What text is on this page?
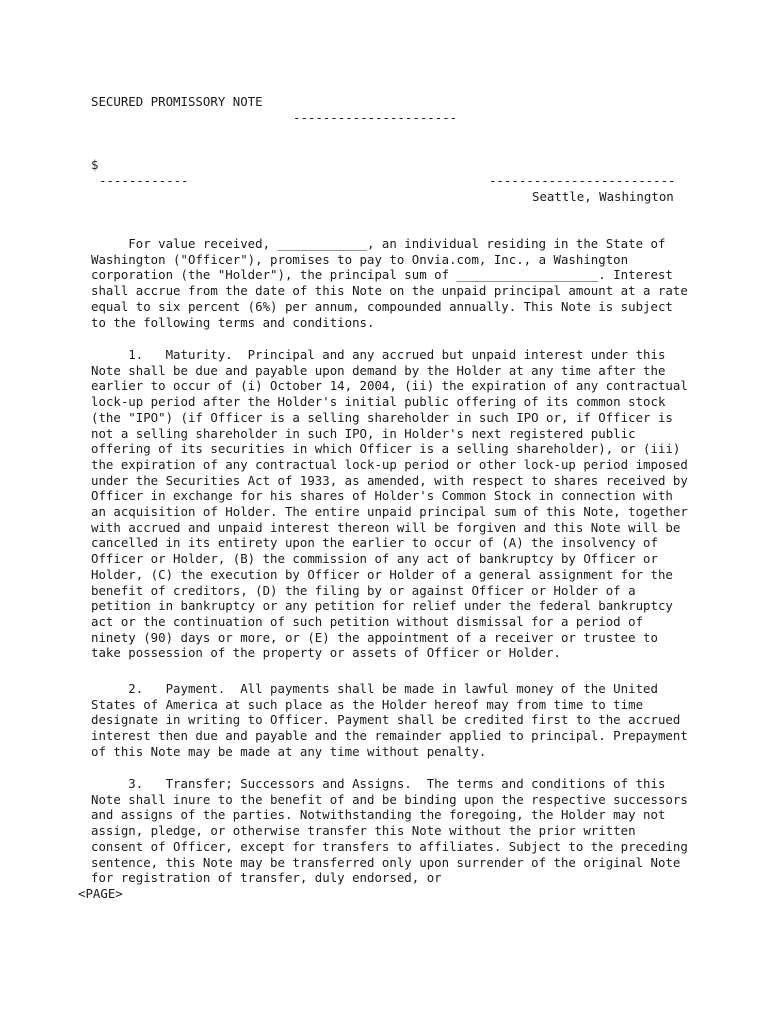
SECURED PROMISSORY NOTE

----------------------

$

------------	-------------------------

Seattle, Washington

For value received, ____________, an individual residing in the State of
Washington ("Officer"), promises to pay to Onvia.com, Inc., a Washington
corporation (the "Holder"), the principal sum of ___________________. Interest
shall accrue from the date of this Note on the unpaid principal amount at a rate
equal to six percent (6%) per annum, compounded annually. This Note is subject
to the following terms and conditions.

1.   Maturity.  Principal and any accrued but unpaid interest under this
Note shall be due and payable upon demand by the Holder at any time after the
earlier to occur of (i) October 14, 2004, (ii) the expiration of any contractual
lock-up period after the Holder's initial public offering of its common stock
(the "IPO") (if Officer is a selling shareholder in such IPO or, if Officer is
not a selling shareholder in such IPO, in Holder's next registered public
offering of its securities in which Officer is a selling shareholder), or (iii)
the expiration of any contractual lock-up period or other lock-up period imposed
under the Securities Act of 1933, as amended, with respect to shares received by
Officer in exchange for his shares of Holder's Common Stock in connection with
an acquisition of Holder. The entire unpaid principal sum of this Note, together
with accrued and unpaid interest thereon will be forgiven and this Note will be
cancelled in its entirety upon the earlier to occur of (A) the insolvency of
Officer or Holder, (B) the commission of any act of bankruptcy by Officer or
Holder, (C) the execution by Officer or Holder of a general assignment for the
benefit of creditors, (D) the filing by or against Officer or Holder of a
petition in bankruptcy or any petition for relief under the federal bankruptcy
act or the continuation of such petition without dismissal for a period of
ninety (90) days or more, or (E) the appointment of a receiver or trustee to
take possession of the property or assets of Officer or Holder.

2.   Payment.  All payments shall be made in lawful money of the United
States of America at such place as the Holder hereof may from time to time
designate in writing to Officer. Payment shall be credited first to the accrued
interest then due and payable and the remainder applied to principal. Prepayment
of this Note may be made at any time without penalty.

3.   Transfer; Successors and Assigns.  The terms and conditions of this
Note shall inure to the benefit of and be binding upon the respective successors
and assigns of the parties. Notwithstanding the foregoing, the Holder may not
assign, pledge, or otherwise transfer this Note without the prior written
consent of Officer, except for transfers to affiliates. Subject to the preceding
sentence, this Note may be transferred only upon surrender of the original Note
for registration of transfer, duly endorsed, or

<PAGE>
